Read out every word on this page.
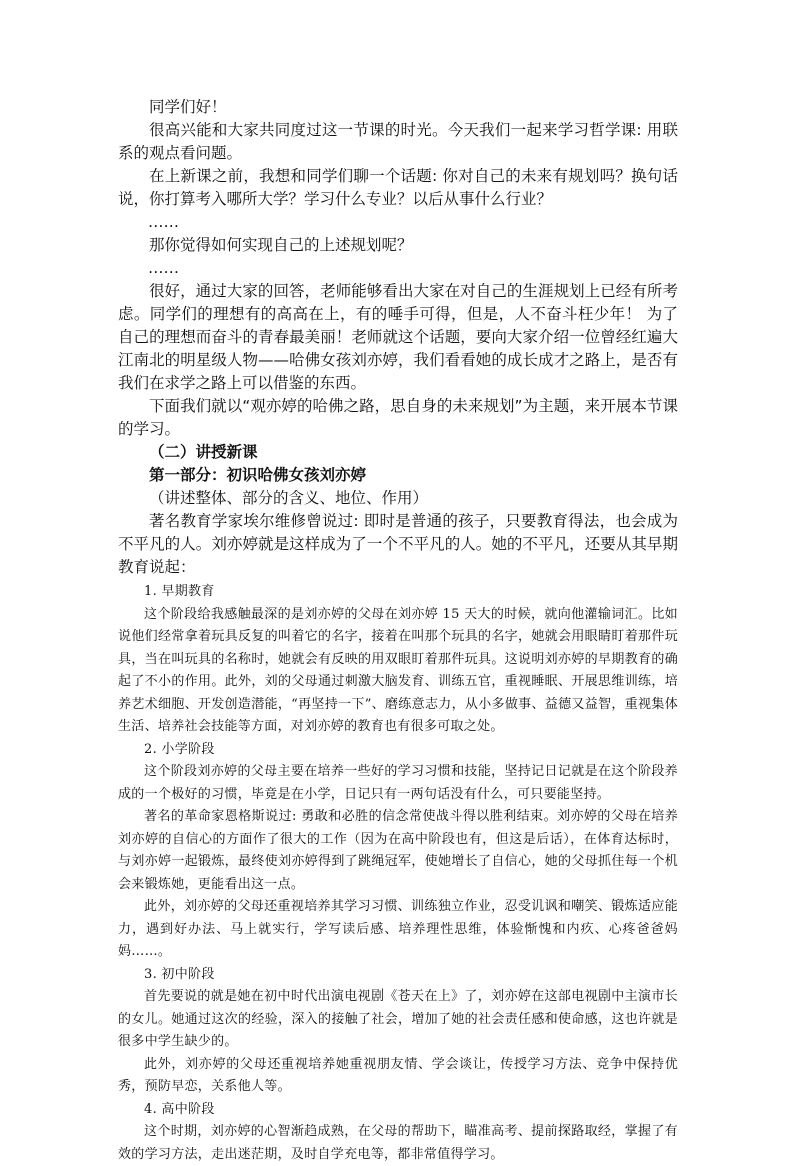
同学们好！

很高兴能和大家共同度过这一节课的时光。今天我们一起来学习哲学课: 用联系的观点看问题。

在上新课之前，我想和同学们聊一个话题: 你对自己的未来有规划吗？换句话说，你打算考入哪所大学？学习什么专业？以后从事什么行业？

……

那你觉得如何实现自己的上述规划呢？

……

很好，通过大家的回答，老师能够看出大家在对自己的生涯规划上已经有所考虑。同学们的理想有的高高在上，有的唾手可得，但是，人不奋斗枉少年！ 为了自己的理想而奋斗的青春最美丽！老师就这个话题，要向大家介绍一位曾经红遍大江南北的明星级人物——哈佛女孩刘亦婷，我们看看她的成长成才之路上，是否有我们在求学之路上可以借鉴的东西。

下面我们就以“观亦婷的哈佛之路，思自身的未来规划”为主题，来开展本节课的学习。

（二）讲授新课

第一部分：初识哈佛女孩刘亦婷

（讲述整体、部分的含义、地位、作用）

著名教育学家埃尔维修曾说过: 即时是普通的孩子，只要教育得法，也会成为不平凡的人。刘亦婷就是这样成为了一个不平凡的人。她的不平凡，还要从其早期教育说起：

1. 早期教育

这个阶段给我感触最深的是刘亦婷的父母在刘亦婷 15 天大的时候，就向他灌输词汇。比如说他们经常拿着玩具反复的叫着它的名字，接着在叫那个玩具的名字，她就会用眼睛盯着那件玩具，当在叫玩具的名称时，她就会有反映的用双眼盯着那件玩具。这说明刘亦婷的早期教育的确起了不小的作用。此外，刘的父母通过刺激大脑发育、训练五官，重视睡眠、开展思维训练，培养艺术细胞、开发创造潜能，“再坚持一下”、磨练意志力，从小多做事、益德又益智，重视集体生活、培养社会技能等方面，对刘亦婷的教育也有很多可取之处。

2. 小学阶段

这个阶段刘亦婷的父母主要在培养一些好的学习习惯和技能，坚持记日记就是在这个阶段养成的一个极好的习惯，毕竟是在小学，日记只有一两句话没有什么，可只要能坚持。

著名的革命家恩格斯说过: 勇敢和必胜的信念常使战斗得以胜利结束。刘亦婷的父母在培养刘亦婷的自信心的方面作了很大的工作（因为在高中阶段也有，但这是后话），在体育达标时，与刘亦婷一起锻炼，最终使刘亦婷得到了跳绳冠军，使她增长了自信心，她的父母抓住每一个机会来锻炼她，更能看出这一点。

此外，刘亦婷的父母还重视培养其学习习惯、训练独立作业，忍受讥讽和嘲笑、锻炼适应能力，遇到好办法、马上就实行，学写读后感、培养理性思维，体验惭愧和内疚、心疼爸爸妈妈……。

3. 初中阶段

首先要说的就是她在初中时代出演电视剧《苍天在上》了，刘亦婷在这部电视剧中主演市长的女儿。她通过这次的经验，深入的接触了社会，增加了她的社会责任感和使命感，这也许就是很多中学生缺少的。

此外，刘亦婷的父母还重视培养她重视朋友情、学会谈让，传授学习方法、竞争中保持优秀，预防早恋，关系他人等。

4. 高中阶段

这个时期，刘亦婷的心智渐趋成熟，在父母的帮助下，瞄准高考、提前探路取经，掌握了有效的学习方法，走出迷茫期，及时自学充电等，都非常值得学习。
